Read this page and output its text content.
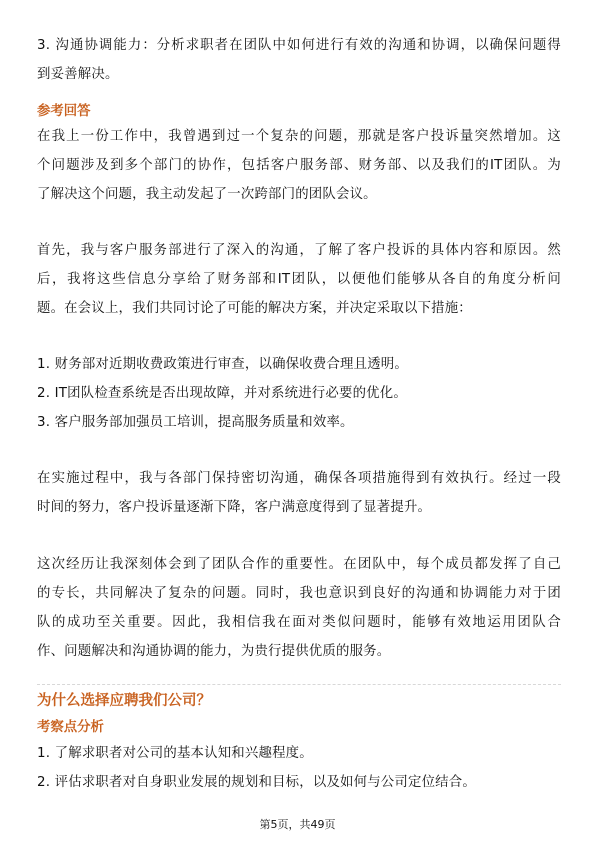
3. 沟通协调能力：分析求职者在团队中如何进行有效的沟通和协调，以确保问题得
到妥善解决。
参考回答
在我上一份工作中，我曾遇到过一个复杂的问题，那就是客户投诉量突然增加。这
个问题涉及到多个部门的协作，包括客户服务部、财务部、以及我们的IT团队。为
了解决这个问题，我主动发起了一次跨部门的团队会议。
首先，我与客户服务部进行了深入的沟通，了解了客户投诉的具体内容和原因。然
后，我将这些信息分享给了财务部和IT团队，以便他们能够从各自的角度分析问
题。在会议上，我们共同讨论了可能的解决方案，并决定采取以下措施：
1. 财务部对近期收费政策进行审查，以确保收费合理且透明。
2. IT团队检查系统是否出现故障，并对系统进行必要的优化。
3. 客户服务部加强员工培训，提高服务质量和效率。
在实施过程中，我与各部门保持密切沟通，确保各项措施得到有效执行。经过一段
时间的努力，客户投诉量逐渐下降，客户满意度得到了显著提升。
这次经历让我深刻体会到了团队合作的重要性。在团队中，每个成员都发挥了自己
的专长，共同解决了复杂的问题。同时，我也意识到良好的沟通和协调能力对于团
队的成功至关重要。因此，我相信我在面对类似问题时，能够有效地运用团队合
作、问题解决和沟通协调的能力，为贵行提供优质的服务。
为什么选择应聘我们公司？
考察点分析
1. 了解求职者对公司的基本认知和兴趣程度。
2. 评估求职者对自身职业发展的规划和目标，以及如何与公司定位结合。
第5页，共49页
